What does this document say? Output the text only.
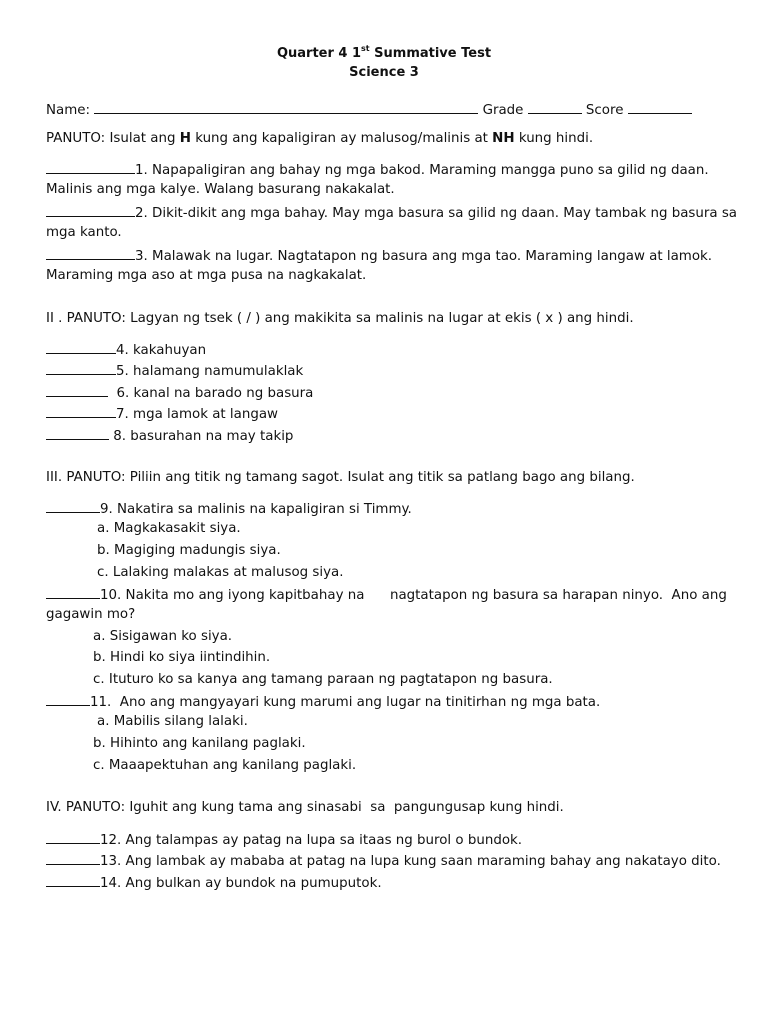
Quarter 4 1st Summative Test
Science 3
Name:	Grade	Score
PANUTO: Isulat ang H kung ang kapaligiran ay malusog/malinis at NH kung hindi.
1. Napapaligiran ang bahay ng mga bakod. Maraming mangga puno sa gilid ng daan.
Malinis ang mga kalye. Walang basurang nakakalat.
2. Dikit-dikit ang mga bahay. May mga basura sa gilid ng daan. May tambak ng basura sa
mga kanto.
3. Malawak na lugar. Nagtatapon ng basura ang mga tao. Maraming langaw at lamok.
Maraming mga aso at mga pusa na nagkakalat.
II . PANUTO: Lagyan ng tsek ( / ) ang makikita sa malinis na lugar at ekis ( x ) ang hindi.
4. kakahuyan
5. halamang namumulaklak
6. kanal na barado ng basura
7. mga lamok at langaw
8. basurahan na may takip
III. PANUTO: Piliin ang titik ng tamang sagot. Isulat ang titik sa patlang bago ang bilang.
9. Nakatira sa malinis na kapaligiran si Timmy.
a. Magkakasakit siya.
b. Magiging madungis siya.
c. Lalaking malakas at malusog siya.
10. Nakita mo ang iyong kapitbahay na      nagtatapon ng basura sa harapan ninyo.  Ano ang
gagawin mo?
a. Sisigawan ko siya.
b. Hindi ko siya iintindihin.
c. Ituturo ko sa kanya ang tamang paraan ng pagtatapon ng basura.
11.  Ano ang mangyayari kung marumi ang lugar na tinitirhan ng mga bata.
a. Mabilis silang lalaki.
b. Hihinto ang kanilang paglaki.
c. Maaapektuhan ang kanilang paglaki.
IV. PANUTO: Iguhit ang kung tama ang sinasabi  sa  pangungusap kung hindi.
12. Ang talampas ay patag na lupa sa itaas ng burol o bundok.
13. Ang lambak ay mababa at patag na lupa kung saan maraming bahay ang nakatayo dito.
14. Ang bulkan ay bundok na pumuputok.
